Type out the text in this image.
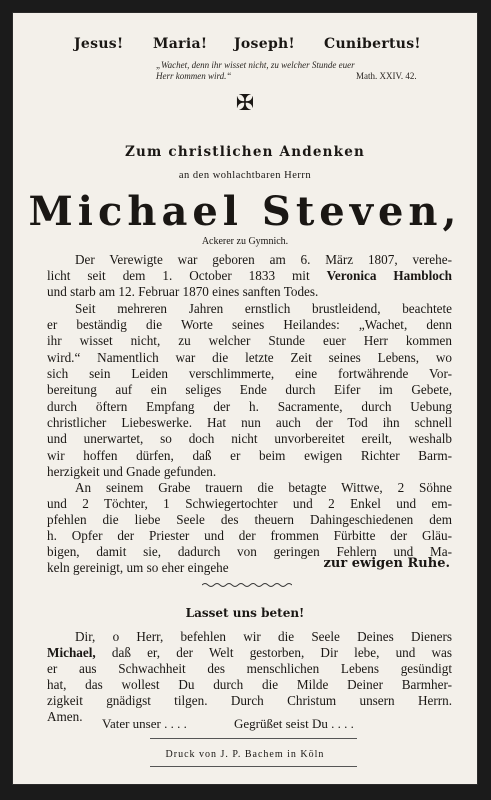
Jesus! Maria! Joseph! Cunibertus!
„Wachet, denn ihr wisset nicht, zu welcher Stunde euer
Herr kommen wird.“	Math. XXIV. 42.
✠
Zum christlichen Andenken
an den wohlachtbaren Herrn
Michael Steven,
Ackerer zu Gymnich.
Der Verewigte war geboren am 6. März 1807, verehe-
licht seit dem 1. October 1833 mit Veronica Hambloch
und starb am 12. Februar 1870 eines sanften Todes.
Seit mehreren Jahren ernstlich brustleidend, beachtete
er beständig die Worte seines Heilandes: „Wachet, denn
ihr wisset nicht, zu welcher Stunde euer Herr kommen
wird.“ Namentlich war die letzte Zeit seines Lebens, wo
sich sein Leiden verschlimmerte, eine fortwährende Vor-
bereitung auf ein seliges Ende durch Eifer im Gebete,
durch öftern Empfang der h. Sacramente, durch Uebung
christlicher Liebeswerke. Hat nun auch der Tod ihn schnell
und unerwartet, so doch nicht unvorbereitet ereilt, weshalb
wir hoffen dürfen, daß er beim ewigen Richter Barm-
herzigkeit und Gnade gefunden.
An seinem Grabe trauern die betagte Wittwe, 2 Söhne
und 2 Töchter, 1 Schwiegertochter und 2 Enkel und em-
pfehlen die liebe Seele des theuern Dahingeschiedenen dem
h. Opfer der Priester und der frommen Fürbitte der Gläu-
bigen, damit sie, dadurch von geringen Fehlern und Ma-
keln gereinigt, um so eher eingehe	zur ewigen Ruhe.
Lasset uns beten!
Dir, o Herr, befehlen wir die Seele Deines Dieners
Michael, daß er, der Welt gestorben, Dir lebe, und was
er aus Schwachheit des menschlichen Lebens gesündigt
hat, das wollest Du durch die Milde Deiner Barmher-
zigkeit gnädigst tilgen. Durch Christum unsern Herrn.
Amen.	Vater unser . . . .	Gegrüßet seist Du . . . .
Druck von J. P. Bachem in Köln
